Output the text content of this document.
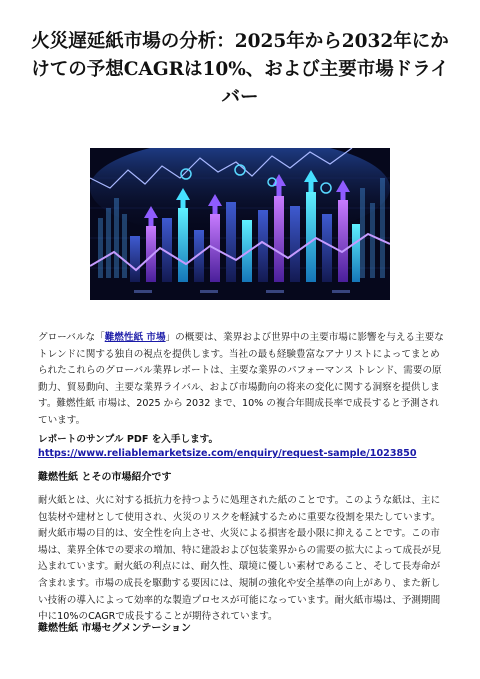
火災遅延紙市場の分析：2025年から2032年にかけての予想CAGRは10%、および主要市場ドライバー

グローバルな「難燃性紙 市場」の概要は、業界および世界中の主要市場に影響を与える主要なトレンドに関する独自の視点を提供します。当社の最も経験豊富なアナリストによってまとめられたこれらのグローバル業界レポートは、主要な業界のパフォーマンス トレンド、需要の原動力、貿易動向、主要な業界ライバル、および市場動向の将来の変化に関する洞察を提供します。難燃性紙 市場は、2025 から 2032 まで、10% の複合年間成長率で成長すると予測されています。

レポートのサンプル PDF を入手します。https://www.reliablemarketsize.com/enquiry/request-sample/1023850

難燃性紙 とその市場紹介です

耐火紙とは、火に対する抵抗力を持つように処理された紙のことです。このような紙は、主に包装材や建材として使用され、火災のリスクを軽減するために重要な役割を果たしています。耐火紙市場の目的は、安全性を向上させ、火災による損害を最小限に抑えることです。この市場は、業界全体での要求の増加、特に建設および包装業界からの需要の拡大によって成長が見込まれています。耐火紙の利点には、耐久性、環境に優しい素材であること、そして長寿命が含まれます。市場の成長を駆動する要因には、規制の強化や安全基準の向上があり、また新しい技術の導入によって効率的な製造プロセスが可能になっています。耐火紙市場は、予測期間中に10%のCAGRで成長することが期待されています。

難燃性紙 市場セグメンテーション
